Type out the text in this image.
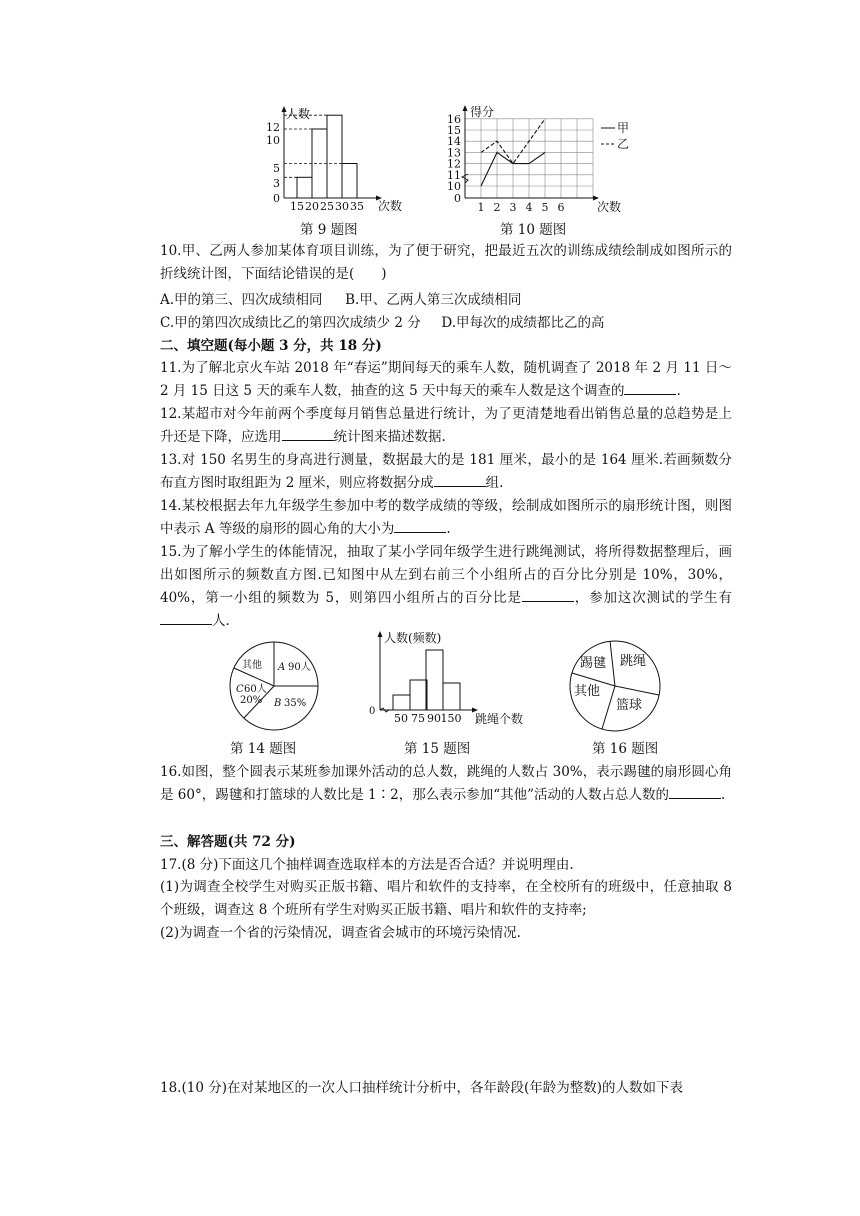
人数
次数
0
3
5
10
12
15 20 25 30 35
第 9 题图
得分
次数
0
10
11
12
13
14
15
16
1 2 3 4 5 6
甲
乙
第 10 题图
10.甲、乙两人参加某体育项目训练，为了便于研究，把最近五次的训练成绩绘制成如图所示的折线统计图，下面结论错误的是(　　)
A.甲的第三、四次成绩相同 B.甲、乙两人第三次成绩相同
C.甲的第四次成绩比乙的第四次成绩少 2 分 D.甲每次的成绩都比乙的高
二、填空题(每小题 3 分，共 18 分)
11.为了解北京火车站 2018 年“春运”期间每天的乘车人数，随机调查了 2018 年 2 月 11 日～2 月 15 日这 5 天的乘车人数，抽查的这 5 天中每天的乘车人数是这个调查的	.
12.某超市对今年前两个季度每月销售总量进行统计，为了更清楚地看出销售总量的总趋势是上升还是下降，应选用	统计图来描述数据.
13.对 150 名男生的身高进行测量，数据最大的是 181 厘米，最小的是 164 厘米.若画频数分布直方图时取组距为 2 厘米，则应将数据分成	组.
14.某校根据去年九年级学生参加中考的数学成绩的等级，绘制成如图所示的扇形统计图，则图中表示 A 等级的扇形的圆心角的大小为	.
15.为了解小学生的体能情况，抽取了某小学同年级学生进行跳绳测试，将所得数据整理后，画出如图所示的频数直方图.已知图中从左到右前三个小组所占的百分比分别是 10%，30%，40%，第一小组的频数为 5，则第四小组所占的百分比是	，参加这次测试的学生有人.
其他 A 90人
C 60人
20% B 35%
第 14 题图
人数(频数)
跳绳个数
0
50 75 90 150
第 15 题图
踢毽 跳绳
其他
篮球
第 16 题图
16.如图，整个圆表示某班参加课外活动的总人数，跳绳的人数占 30%，表示踢毽的扇形圆心角是 60°，踢毽和打篮球的人数比是 1∶2，那么表示参加“其他”活动的人数占总人数的	.
三、解答题(共 72 分)
17.(8 分)下面这几个抽样调查选取样本的方法是否合适？并说明理由.
(1)为调查全校学生对购买正版书籍、唱片和软件的支持率，在全校所有的班级中，任意抽取 8 个班级，调查这 8 个班所有学生对购买正版书籍、唱片和软件的支持率;
(2)为调查一个省的污染情况，调查省会城市的环境污染情况.
18.(10 分)在对某地区的一次人口抽样统计分析中，各年龄段(年龄为整数)的人数如下表
